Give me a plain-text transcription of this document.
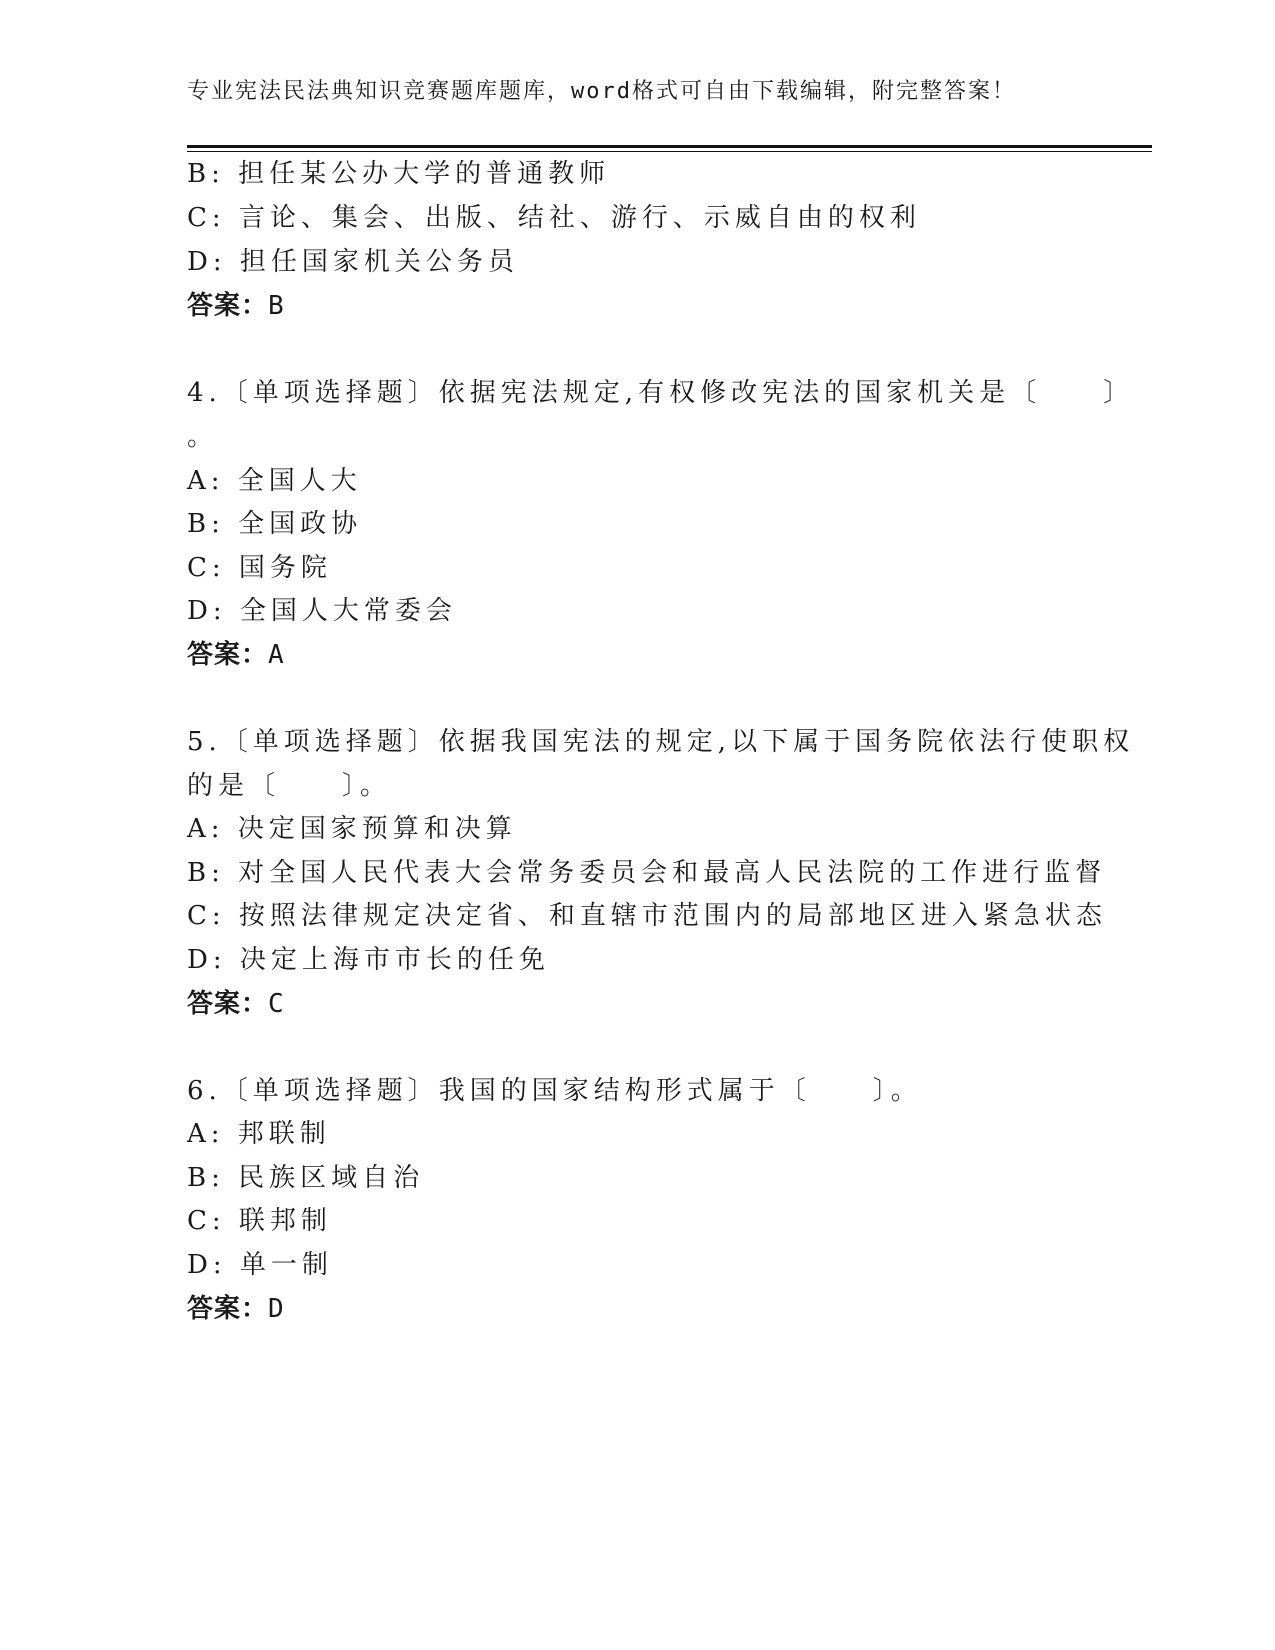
专业宪法民法典知识竞赛题库题库，word格式可自由下载编辑，附完整答案！
B: 担任某公办大学的普通教师
C: 言论、集会、出版、结社、游行、示威自由的权利
D: 担任国家机关公务员
答案：B
4.〔单项选择题〕依据宪法规定,有权修改宪法的国家机关是〔　　〕
。
A: 全国人大
B: 全国政协
C: 国务院
D: 全国人大常委会
答案：A
5.〔单项选择题〕依据我国宪法的规定,以下属于国务院依法行使职权
的是〔　　〕。
A: 决定国家预算和决算
B: 对全国人民代表大会常务委员会和最高人民法院的工作进行监督
C: 按照法律规定决定省、和直辖市范围内的局部地区进入紧急状态
D: 决定上海市市长的任免
答案：C
6.〔单项选择题〕我国的国家结构形式属于〔　　〕。
A: 邦联制
B: 民族区域自治
C: 联邦制
D: 单一制
答案：D
